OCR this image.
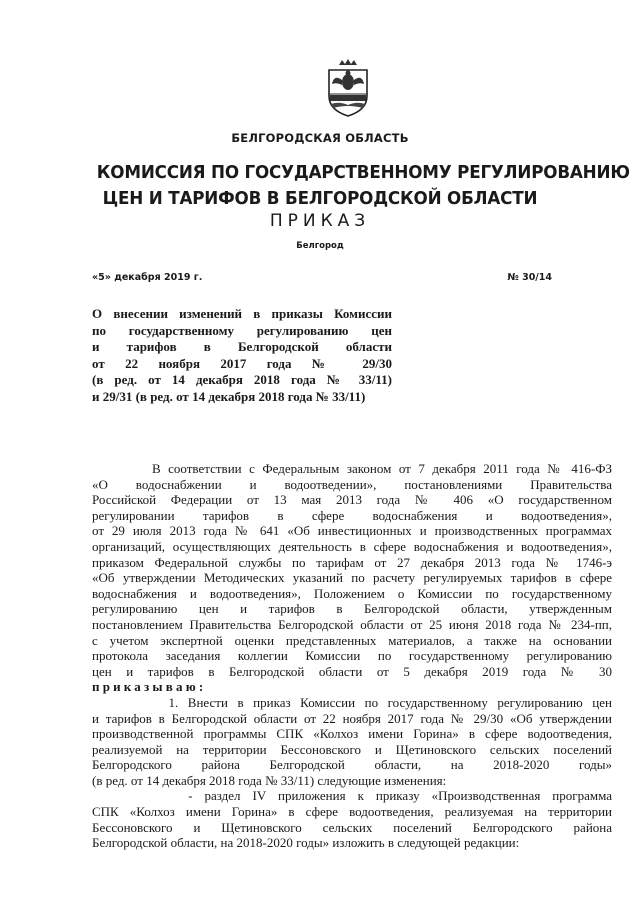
БЕЛГОРОДСКАЯ ОБЛАСТЬ
КОМИССИЯ ПО ГОСУДАРСТВЕННОМУ РЕГУЛИРОВАНИЮ
ЦЕН И ТАРИФОВ В БЕЛГОРОДСКОЙ ОБЛАСТИ
ПРИКАЗ
Белгород
«5» декабря 2019 г.	№ 30/14
О внесении изменений в приказы Комиссии
по государственному регулированию цен
и тарифов в Белгородской области
от 22 ноября 2017 года № 29/30
(в ред. от 14 декабря 2018 года № 33/11)
и 29/31 (в ред. от 14 декабря 2018 года № 33/11)
В соответствии с Федеральным законом от 7 декабря 2011 года № 416-ФЗ
«О водоснабжении и водоотведении», постановлениями Правительства
Российской Федерации от 13 мая 2013 года № 406 «О государственном
регулировании тарифов в сфере водоснабжения и водоотведения»,
от 29 июля 2013 года № 641 «Об инвестиционных и производственных программах
организаций, осуществляющих деятельность в сфере водоснабжения и водоотведения»,
приказом Федеральной службы по тарифам от 27 декабря 2013 года № 1746-э
«Об утверждении Методических указаний по расчету регулируемых тарифов в сфере
водоснабжения и водоотведения», Положением о Комиссии по государственному
регулированию цен и тарифов в Белгородской области, утвержденным
постановлением Правительства Белгородской области от 25 июня 2018 года № 234-пп,
с учетом экспертной оценки представленных материалов, а также на основании
протокола заседания коллегии Комиссии по государственному регулированию
цен и тарифов в Белгородской области от 5 декабря 2019 года № 30
приказываю:
1. Внести в приказ Комиссии по государственному регулированию цен
и тарифов в Белгородской области от 22 ноября 2017 года № 29/30 «Об утверждении
производственной программы СПК «Колхоз имени Горина» в сфере водоотведения,
реализуемой на территории Бессоновского и Щетиновского сельских поселений
Белгородского района Белгородской области, на 2018-2020 годы»
(в ред. от 14 декабря 2018 года № 33/11) следующие изменения:
- раздел IV приложения к приказу «Производственная программа
СПК «Колхоз имени Горина» в сфере водоотведения, реализуемая на территории
Бессоновского и Щетиновского сельских поселений Белгородского района
Белгородской области, на 2018-2020 годы» изложить в следующей редакции:
